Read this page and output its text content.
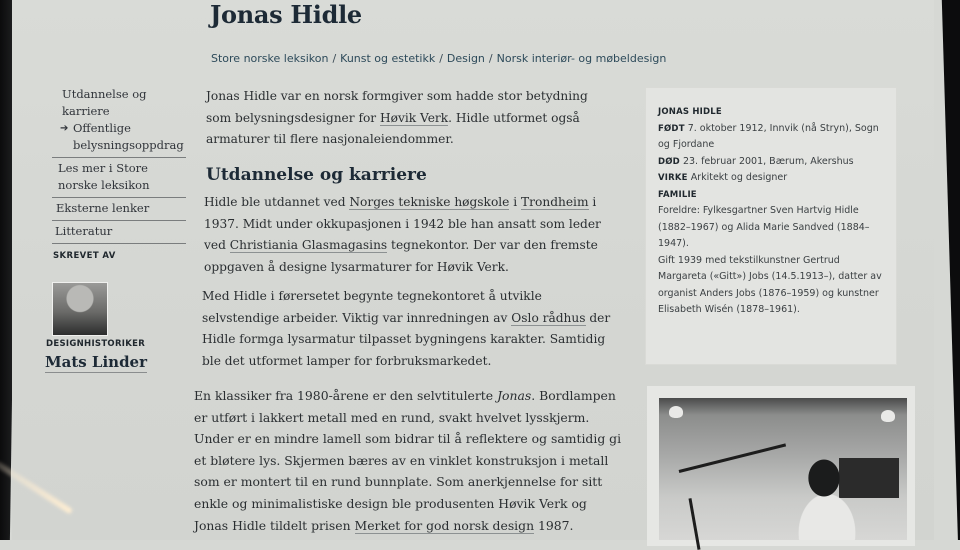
Jonas Hidle
Store norske leksikon / Kunst og estetikk / Design / Norsk interiør- og møbeldesign
Utdannelse og karriere
➔ Offentlige belysningsoppdrag
Les mer i Store norske leksikon
Eksterne lenker
Litteratur
SKREVET AV
DESIGNHISTORIKER
Mats Linder

Jonas Hidle var en norsk formgiver som hadde stor betydning som belysningsdesigner for Høvik Verk. Hidle utformet også armaturer til flere nasjonaleiendommer.

Utdannelse og karriere

Hidle ble utdannet ved Norges tekniske høgskole i Trondheim i 1937. Midt under okkupasjonen i 1942 ble han ansatt som leder ved Christiania Glasmagasins tegnekontor. Der var den fremste oppgaven å designe lysarmaturer for Høvik Verk.

Med Hidle i førersetet begynte tegnekontoret å utvikle selvstendige arbeider. Viktig var innredningen av Oslo rådhus der Hidle formga lysarmatur tilpasset bygningens karakter. Samtidig ble det utformet lamper for forbruksmarkedet.

En klassiker fra 1980-årene er den selvtitulerte Jonas. Bordlampen er utført i lakkert metall med en rund, svakt hvelvet lysskjerm. Under er en mindre lamell som bidrar til å reflektere og samtidig gi et bløtere lys. Skjermen bæres av en vinklet konstruksjon i metall som er montert til en rund bunnplate. Som anerkjennelse for sitt enkle og minimalistiske design ble produsenten Høvik Verk og Jonas Hidle tildelt prisen Merket for god norsk design 1987.

JONAS HIDLE
FØDT 7. oktober 1912, Innvik (nå Stryn), Sogn og Fjordane
DØD 23. februar 2001, Bærum, Akershus
VIRKE Arkitekt og designer
FAMILIE
Foreldre: Fylkesgartner Sven Hartvig Hidle (1882–1967) og Alida Marie Sandved (1884–1947).
Gift 1939 med tekstilkunstner Gertrud Margareta («Gitt») Jobs (14.5.1913–), datter av organist Anders Jobs (1876–1959) og kunstner Elisabeth Wisén (1878–1961).
